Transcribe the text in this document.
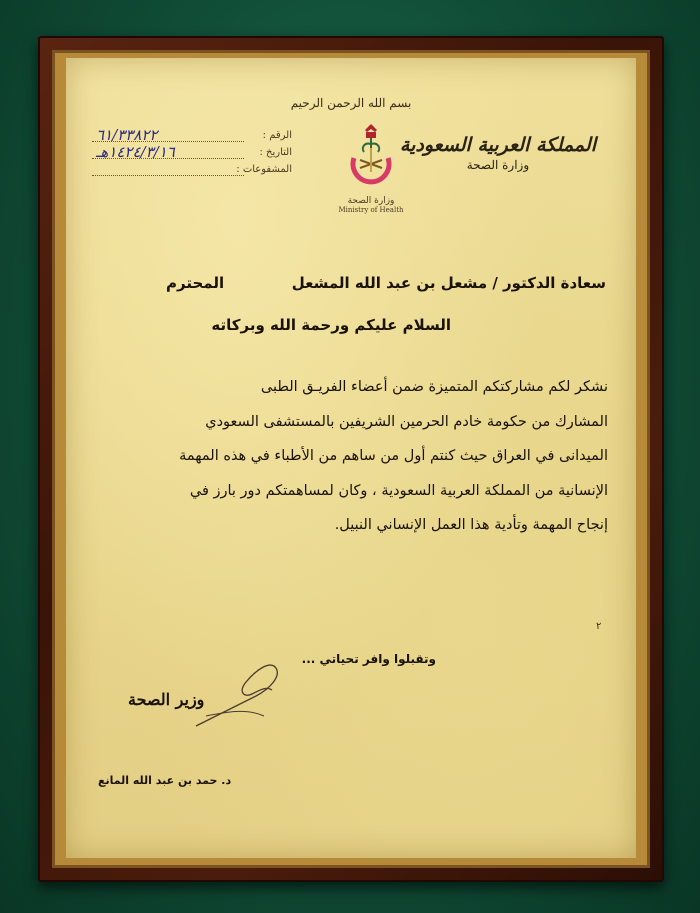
بسم الله الرحمن الرحيم
وزارة الصحة
Ministry of Health
المملكة العربية السعودية
وزارة الصحة
الرقم :
٦١/٣٣٨٢٢
التاريخ :
١٤٢٤/٣/١٦هـ
المشفوعات :
سعادة الدكتور / مشعل بن عبد الله المشعل
المحترم
السلام عليكم ورحمة الله وبركاته

نشكر لكم مشاركتكم المتميزة ضمن أعضاء الفريـق الطبى

المشارك من حكومة خادم الحرمين الشريفين بالمستشفى السعودي

الميدانى في العراق حيث كنتم أول من ساهم من الأطباء في هذه المهمة

الإنسانية من المملكة العربية السعودية ، وكان لمساهمتكم دور بارز في

إنجاح المهمة وتأدية هذا العمل الإنساني النبيل.

٢
وتقبلوا وافر تحياتي ...
وزير الصحة
د. حمد بن عبد الله المانع
